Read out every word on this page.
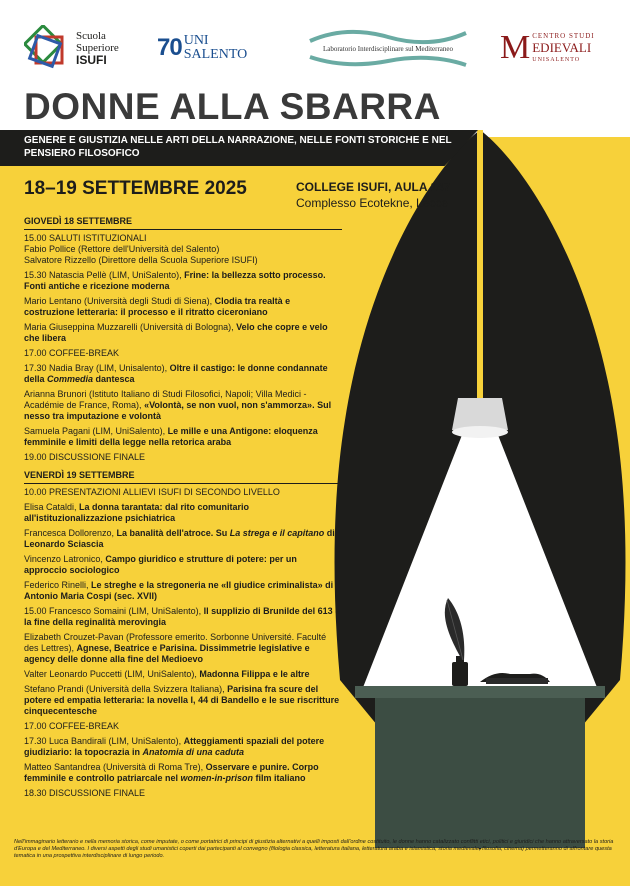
Scuola
Superiore
ISUFI	70 UNI
SALENTO	Laboratorio Interdisciplinare sul Mediterraneo M CENTRO STUDI
EDIEVALI
UNISALENTO
DONNE ALLA SBARRA
GENERE E GIUSTIZIA NELLE ARTI DELLA NARRAZIONE, NELLE FONTI STORICHE E NEL PENSIERO FILOSOFICO
18–19 SETTEMBRE 2025	COLLEGE ISUFI, AULA 147
Complesso Ecotekne, Lecce
GIOVEDÌ 18 SETTEMBRE
15.00 SALUTI ISTITUZIONALI
Fabio Pollice (Rettore dell'Università del Salento)
Salvatore Rizzello (Direttore della Scuola Superiore ISUFI)
15.30 Natascia Pellè (LIM, UniSalento), Frine: la bellezza sotto processo. Fonti antiche e ricezione moderna
Mario Lentano (Università degli Studi di Siena), Clodia tra realtà e costruzione letteraria: il processo e il ritratto ciceroniano
Maria Giuseppina Muzzarelli (Università di Bologna), Velo che copre e velo che libera
17.00 COFFEE-BREAK
17.30 Nadia Bray (LIM, Unisalento), Oltre il castigo: le donne condannate della Commedia dantesca
Arianna Brunori (Istituto Italiano di Studi Filosofici, Napoli; Villa Medici - Académie de France, Roma), «Volontà, se non vuol, non s'ammorza». Sul nesso tra imputazione e volontà
Samuela Pagani (LIM, UniSalento), Le mille e una Antigone: eloquenza femminile e limiti della legge nella retorica araba
19.00 DISCUSSIONE FINALE
VENERDÌ 19 SETTEMBRE
10.00 PRESENTAZIONI ALLIEVI ISUFI DI SECONDO LIVELLO
Elisa Cataldi, La donna tarantata: dal rito comunitario all'istituzionalizzazione psichiatrica
Francesca Dollorenzo, La banalità dell'atroce. Su La strega e il capitano di Leonardo Sciascia
Vincenzo Latronico, Campo giuridico e strutture di potere: per un approccio sociologico
Federico Rinelli, Le streghe e la stregoneria ne «Il giudice criminalista» di Antonio Maria Cospi (sec. XVII)
15.00 Francesco Somaini (LIM, UniSalento), Il supplizio di Brunilde del 613 e la fine della reginalità merovingia
Elizabeth Crouzet-Pavan (Professore emerito. Sorbonne Université. Faculté des Lettres), Agnese, Beatrice e Parisina. Dissimmetrie legislative e agency delle donne alla fine del Medioevo
Valter Leonardo Puccetti (LIM, UniSalento), Madonna Filippa e le altre
Stefano Prandi (Università della Svizzera Italiana), Parisina fra scure del potere ed empatia letteraria: la novella I, 44 di Bandello e le sue riscritture cinquecentesche
17.00 COFFEE-BREAK
17.30 Luca Bandirali (LIM, UniSalento), Atteggiamenti spaziali del potere giudiziario: la topocrazia in Anatomia di una caduta
Matteo Santandrea (Università di Roma Tre), Osservare e punire. Corpo femminile e controllo patriarcale nel women-in-prison film italiano
18.30 DISCUSSIONE FINALE
Nell'immaginario letterario e nella memoria storica, come imputate, o come portatrici di principi di giustizia alternativi a quelli imposti dall'ordine costituito, le donne hanno catalizzato conflitti etici, politici e giuridici che hanno attraversato la storia d'Europa e del Mediterraneo. I diversi aspetti degli studi umanistici coperti dai partecipanti al convegno (filologia classica, letteratura italiana, letteratura araba e islamistica, storia medievale, filosofia, cinema) permetteranno di affrontare questa tematica in una prospettiva interdisciplinare di lungo periodo.
